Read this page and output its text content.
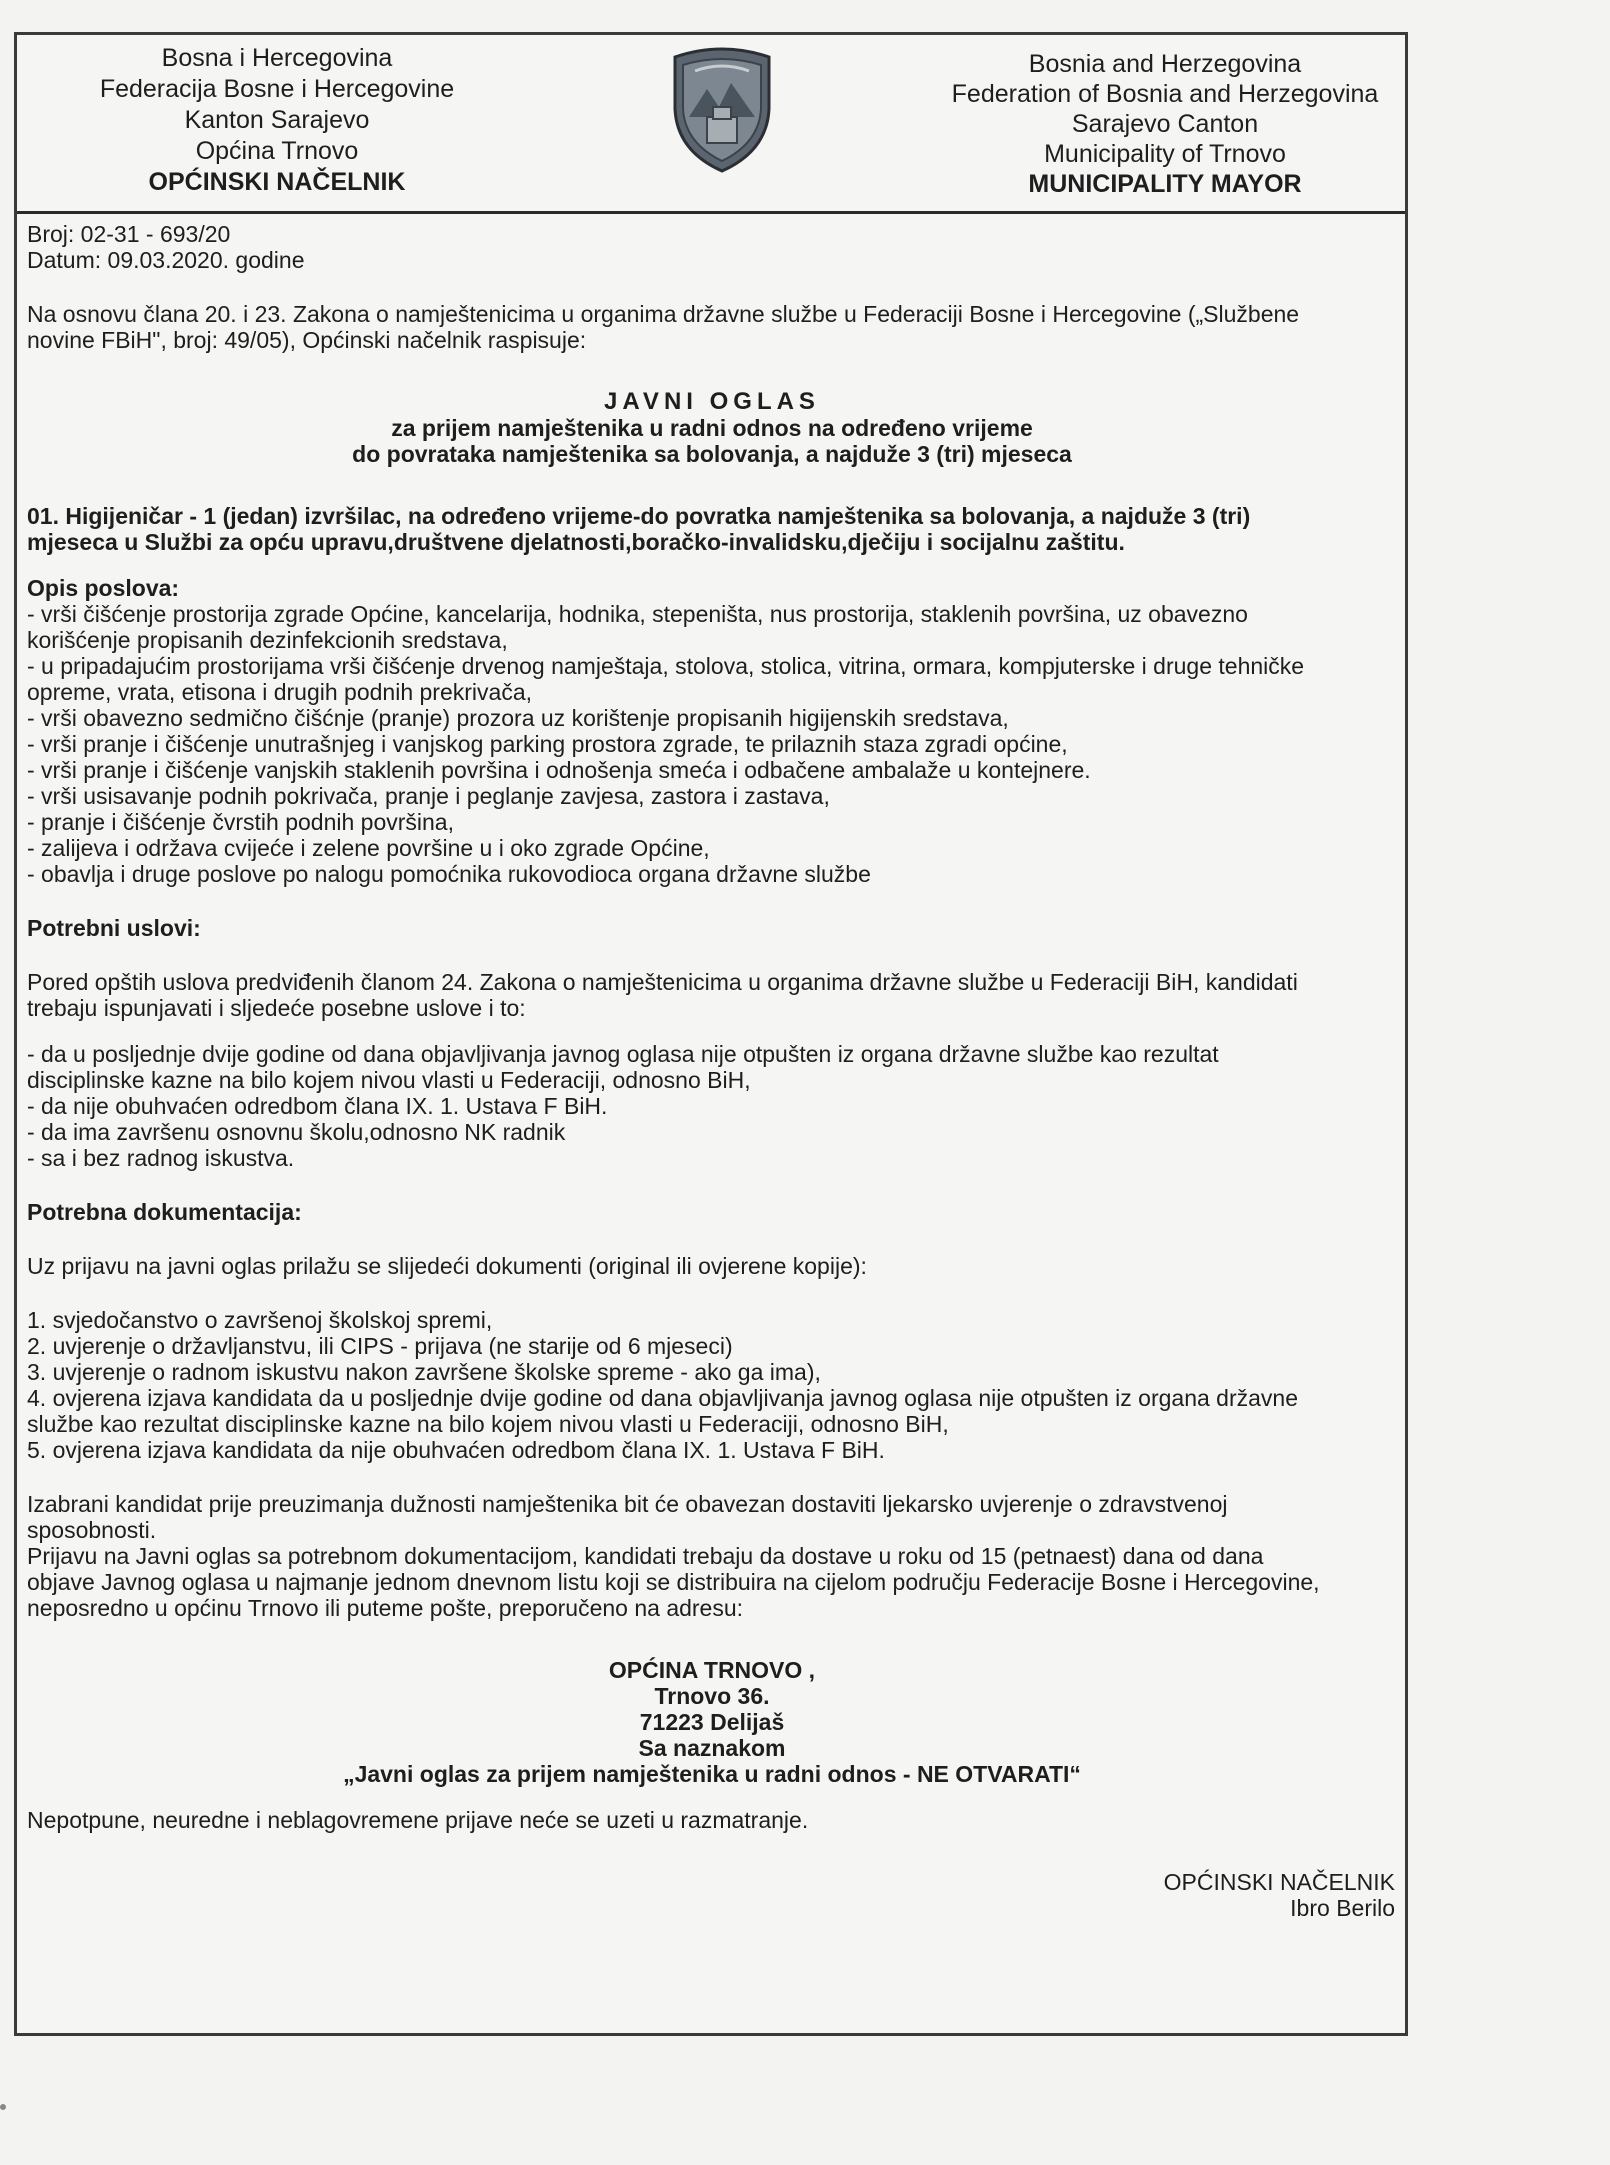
Bosna i Hercegovina
Federacija Bosne i Hercegovine
Kanton Sarajevo
Općina Trnovo
OPĆINSKI NAČELNIK
Bosnia and Herzegovina
Federation of Bosnia and Herzegovina
Sarajevo Canton
Municipality of Trnovo
MUNICIPALITY MAYOR
Broj: 02-31 - 693/20
Datum: 09.03.2020. godine
Na osnovu člana 20. i 23. Zakona o namještenicima u organima državne službe u Federaciji Bosne i Hercegovine („Službene
novine FBiH", broj: 49/05), Općinski načelnik raspisuje:
JAVNI OGLAS
za prijem namještenika u radni odnos na određeno vrijeme
do povrataka namještenika sa bolovanja, a najduže 3 (tri) mjeseca
01. Higijeničar - 1 (jedan) izvršilac, na određeno vrijeme-do povratka namještenika sa bolovanja, a najduže 3 (tri)
mjeseca u Službi za opću upravu,društvene djelatnosti,boračko-invalidsku,dječiju i socijalnu zaštitu.
Opis poslova:
- vrši čišćenje prostorija zgrade Općine, kancelarija, hodnika, stepeništa, nus prostorija, staklenih površina, uz obavezno
korišćenje propisanih dezinfekcionih sredstava,
- u pripadajućim prostorijama vrši čišćenje drvenog namještaja, stolova, stolica, vitrina, ormara, kompjuterske i druge tehničke
opreme, vrata, etisona i drugih podnih prekrivača,
- vrši obavezno sedmično čišćnje (pranje) prozora uz korištenje propisanih higijenskih sredstava,
- vrši pranje i čišćenje unutrašnjeg i vanjskog parking prostora zgrade, te prilaznih staza zgradi općine,
- vrši pranje i čišćenje vanjskih staklenih površina i odnošenja smeća i odbačene ambalaže u kontejnere.
- vrši usisavanje podnih pokrivača, pranje i peglanje zavjesa, zastora i zastava,
- pranje i čišćenje čvrstih podnih površina,
- zalijeva i održava cvijeće i zelene površine u i oko zgrade Općine,
- obavlja i druge poslove po nalogu pomoćnika rukovodioca organa državne službe
Potrebni uslovi:
Pored opštih uslova predviđenih članom 24. Zakona o namještenicima u organima državne službe u Federaciji BiH, kandidati
trebaju ispunjavati i sljedeće posebne uslove i to:
- da u posljednje dvije godine od dana objavljivanja javnog oglasa nije otpušten iz organa državne službe kao rezultat
disciplinske kazne na bilo kojem nivou vlasti u Federaciji, odnosno BiH,
- da nije obuhvaćen odredbom člana IX. 1. Ustava F BiH.
- da ima završenu osnovnu školu,odnosno NK radnik
- sa i bez radnog iskustva.
Potrebna dokumentacija:
Uz prijavu na javni oglas prilažu se slijedeći dokumenti (original ili ovjerene kopije):
1. svjedočanstvo o završenoj školskoj spremi,
2. uvjerenje o državljanstvu, ili CIPS - prijava (ne starije od 6 mjeseci)
3. uvjerenje o radnom iskustvu nakon završene školske spreme - ako ga ima),
4. ovjerena izjava kandidata da u posljednje dvije godine od dana objavljivanja javnog oglasa nije otpušten iz organa državne
službe kao rezultat disciplinske kazne na bilo kojem nivou vlasti u Federaciji, odnosno BiH,
5. ovjerena izjava kandidata da nije obuhvaćen odredbom člana IX. 1. Ustava F BiH.
Izabrani kandidat prije preuzimanja dužnosti namještenika bit će obavezan dostaviti ljekarsko uvjerenje o zdravstvenoj
sposobnosti.
Prijavu na Javni oglas sa potrebnom dokumentacijom, kandidati trebaju da dostave u roku od 15 (petnaest) dana od dana
objave Javnog oglasa u najmanje jednom dnevnom listu koji se distribuira na cijelom području Federacije Bosne i Hercegovine,
neposredno u općinu Trnovo ili puteme pošte, preporučeno na adresu:
OPĆINA TRNOVO ,
Trnovo 36.
71223 Delijaš
Sa naznakom
„Javni oglas za prijem namještenika u radni odnos - NE OTVARATI“
Nepotpune, neuredne i neblagovremene prijave neće se uzeti u razmatranje.
OPĆINSKI NAČELNIK
Ibro Berilo
